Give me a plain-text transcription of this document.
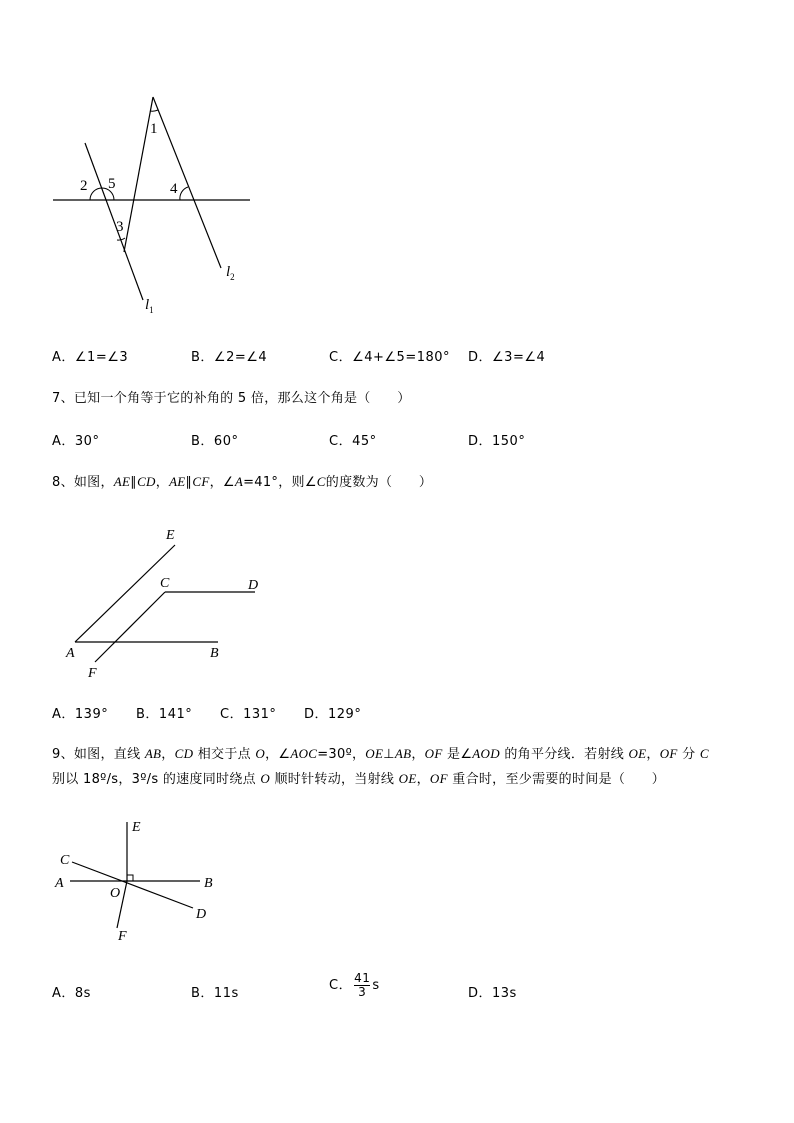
1
2 5	4
3
$l_1$
$l_2$
A．∠1=∠3	B．∠2=∠4	C．∠4+∠5=180° D．∠3=∠4
7、已知一个角等于它的补角的 5 倍，那么这个角是（　　）
A．30°	B．60°	C．45°	D．150°
8、如图，AE∥CD，AE∥CF，∠A=41°，则∠C的度数为（　　）
E
C	D
A	B
F
A．139° B．141° C．131° D．129°
9、如图，直线 AB，CD 相交于点 O，∠AOC=30º，OE⊥AB，OF 是∠AOD 的角平分线．若射线 OE，OF 分 C
别以 18º/s，3º/s 的速度同时绕点 O 顺时针转动，当射线 OE，OF 重合时，至少需要的时间是（　　）
E
C
A
O
B
D
F
A．8s	B．11s
C． $\frac{41}{3}$ s
D．13s
